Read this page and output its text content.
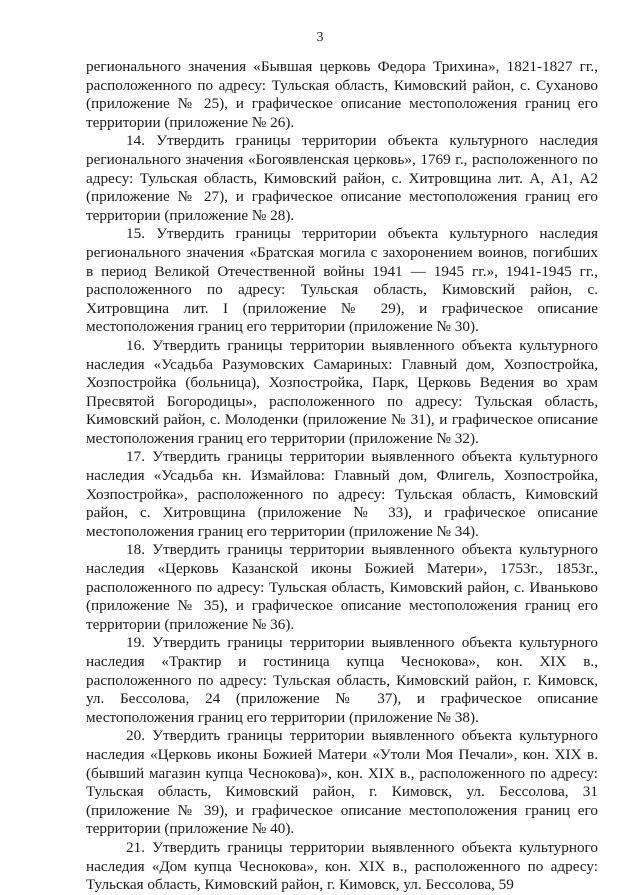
3

регионального значения «Бывшая церковь Федора Трихина», 1821-1827 гг., расположенного по адресу: Тульская область, Кимовский район, с. Суханово (приложение № 25), и графическое описание местоположения границ его территории (приложение № 26).

14. Утвердить границы территории объекта культурного наследия регионального значения «Богоявленская церковь», 1769 г., расположенного по адресу: Тульская область, Кимовский район, с. Хитровщина лит. А, А1, А2 (приложение № 27), и графическое описание местоположения границ его территории (приложение № 28).

15. Утвердить границы территории объекта культурного наследия регионального значения «Братская могила с захоронением воинов, погибших в период Великой Отечественной войны 1941 — 1945 гг.», 1941-1945 гг., расположенного по адресу: Тульская область, Кимовский район, с. Хитровщина лит. I (приложение № 29), и графическое описание местоположения границ его территории (приложение № 30).

16. Утвердить границы территории выявленного объекта культурного наследия «Усадьба Разумовских Самариных: Главный дом, Хозпостройка, Хозпостройка (больница), Хозпостройка, Парк, Церковь Ведения во храм Пресвятой Богородицы», расположенного по адресу: Тульская область, Кимовский район, с. Молоденки (приложение № 31), и графическое описание местоположения границ его территории (приложение № 32).

17. Утвердить границы территории выявленного объекта культурного наследия «Усадьба кн. Измайлова: Главный дом, Флигель, Хозпостройка, Хозпостройка», расположенного по адресу: Тульская область, Кимовский район, с. Хитровщина (приложение № 33), и графическое описание местоположения границ его территории (приложение № 34).

18. Утвердить границы территории выявленного объекта культурного наследия «Церковь Казанской иконы Божией Матери», 1753г., 1853г., расположенного по адресу: Тульская область, Кимовский район, с. Иваньково (приложение № 35), и графическое описание местоположения границ его территории (приложение № 36).

19. Утвердить границы территории выявленного объекта культурного наследия «Трактир и гостиница купца Чеснокова», кон. XIX в., расположенного по адресу: Тульская область, Кимовский район, г. Кимовск, ул. Бессолова, 24 (приложение № 37), и графическое описание местоположения границ его территории (приложение № 38).

20. Утвердить границы территории выявленного объекта культурного наследия «Церковь иконы Божией Матери «Утоли Моя Печали», кон. XIX в. (бывший магазин купца Чеснокова)», кон. XIX в., расположенного по адресу: Тульская область, Кимовский район, г. Кимовск, ул. Бессолова, 31 (приложение № 39), и графическое описание местоположения границ его территории (приложение № 40).

21. Утвердить границы территории выявленного объекта культурного наследия «Дом купца Чеснокова», кон. XIX в., расположенного по адресу: Тульская область, Кимовский район, г. Кимовск, ул. Бессолова, 59
